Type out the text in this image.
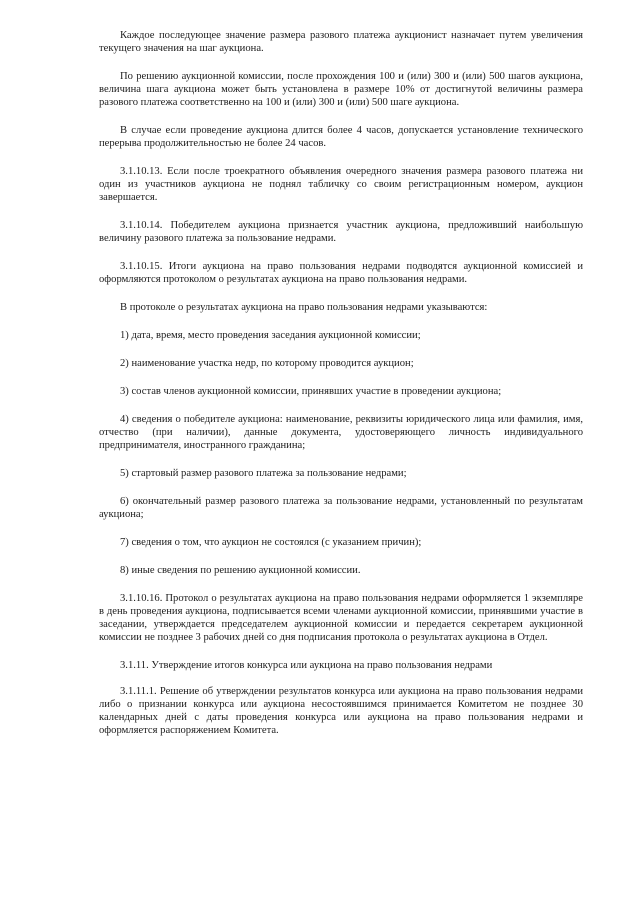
Каждое последующее значение размера разового платежа аукционист назначает путем увеличения текущего значения на шаг аукциона.

По решению аукционной комиссии, после прохождения 100 и (или) 300 и (или) 500 шагов аукциона, величина шага аукциона может быть установлена в размере 10% от достигнутой величины размера разового платежа соответственно на 100 и (или) 300 и (или) 500 шаге аукциона.

В случае если проведение аукциона длится более 4 часов, допускается установление технического перерыва продолжительностью не более 24 часов.

3.1.10.13. Если после троекратного объявления очередного значения размера разового платежа ни один из участников аукциона не поднял табличку со своим регистрационным номером, аукцион завершается.

3.1.10.14. Победителем аукциона признается участник аукциона, предложивший наибольшую величину разового платежа за пользование недрами.

3.1.10.15. Итоги аукциона на право пользования недрами подводятся аукционной комиссией и оформляются протоколом о результатах аукциона на право пользования недрами.

В протоколе о результатах аукциона на право пользования недрами указываются:

1) дата, время, место проведения заседания аукционной комиссии;

2) наименование участка недр, по которому проводится аукцион;

3) состав членов аукционной комиссии, принявших участие в проведении аукциона;

4) сведения о победителе аукциона: наименование, реквизиты юридического лица или фамилия, имя, отчество (при наличии), данные документа, удостоверяющего личность индивидуального предпринимателя, иностранного гражданина;

5) стартовый размер разового платежа за пользование недрами;

6) окончательный размер разового платежа за пользование недрами, установленный по результатам аукциона;

7) сведения о том, что аукцион не состоялся (с указанием причин);

8) иные сведения по решению аукционной комиссии.

3.1.10.16. Протокол о результатах аукциона на право пользования недрами оформляется 1 экземпляре в день проведения аукциона, подписывается всеми членами аукционной комиссии, принявшими участие в заседании, утверждается председателем аукционной комиссии и передается секретарем аукционной комиссии не позднее 3 рабочих дней со дня подписания протокола о результатах аукциона в Отдел.

3.1.11. Утверждение итогов конкурса или аукциона на право пользования недрами

3.1.11.1. Решение об утверждении результатов конкурса или аукциона на право пользования недрами либо о признании конкурса или аукциона несостоявшимся принимается Комитетом не позднее 30 календарных дней с даты проведения конкурса или аукциона на право пользования недрами и оформляется распоряжением Комитета.
